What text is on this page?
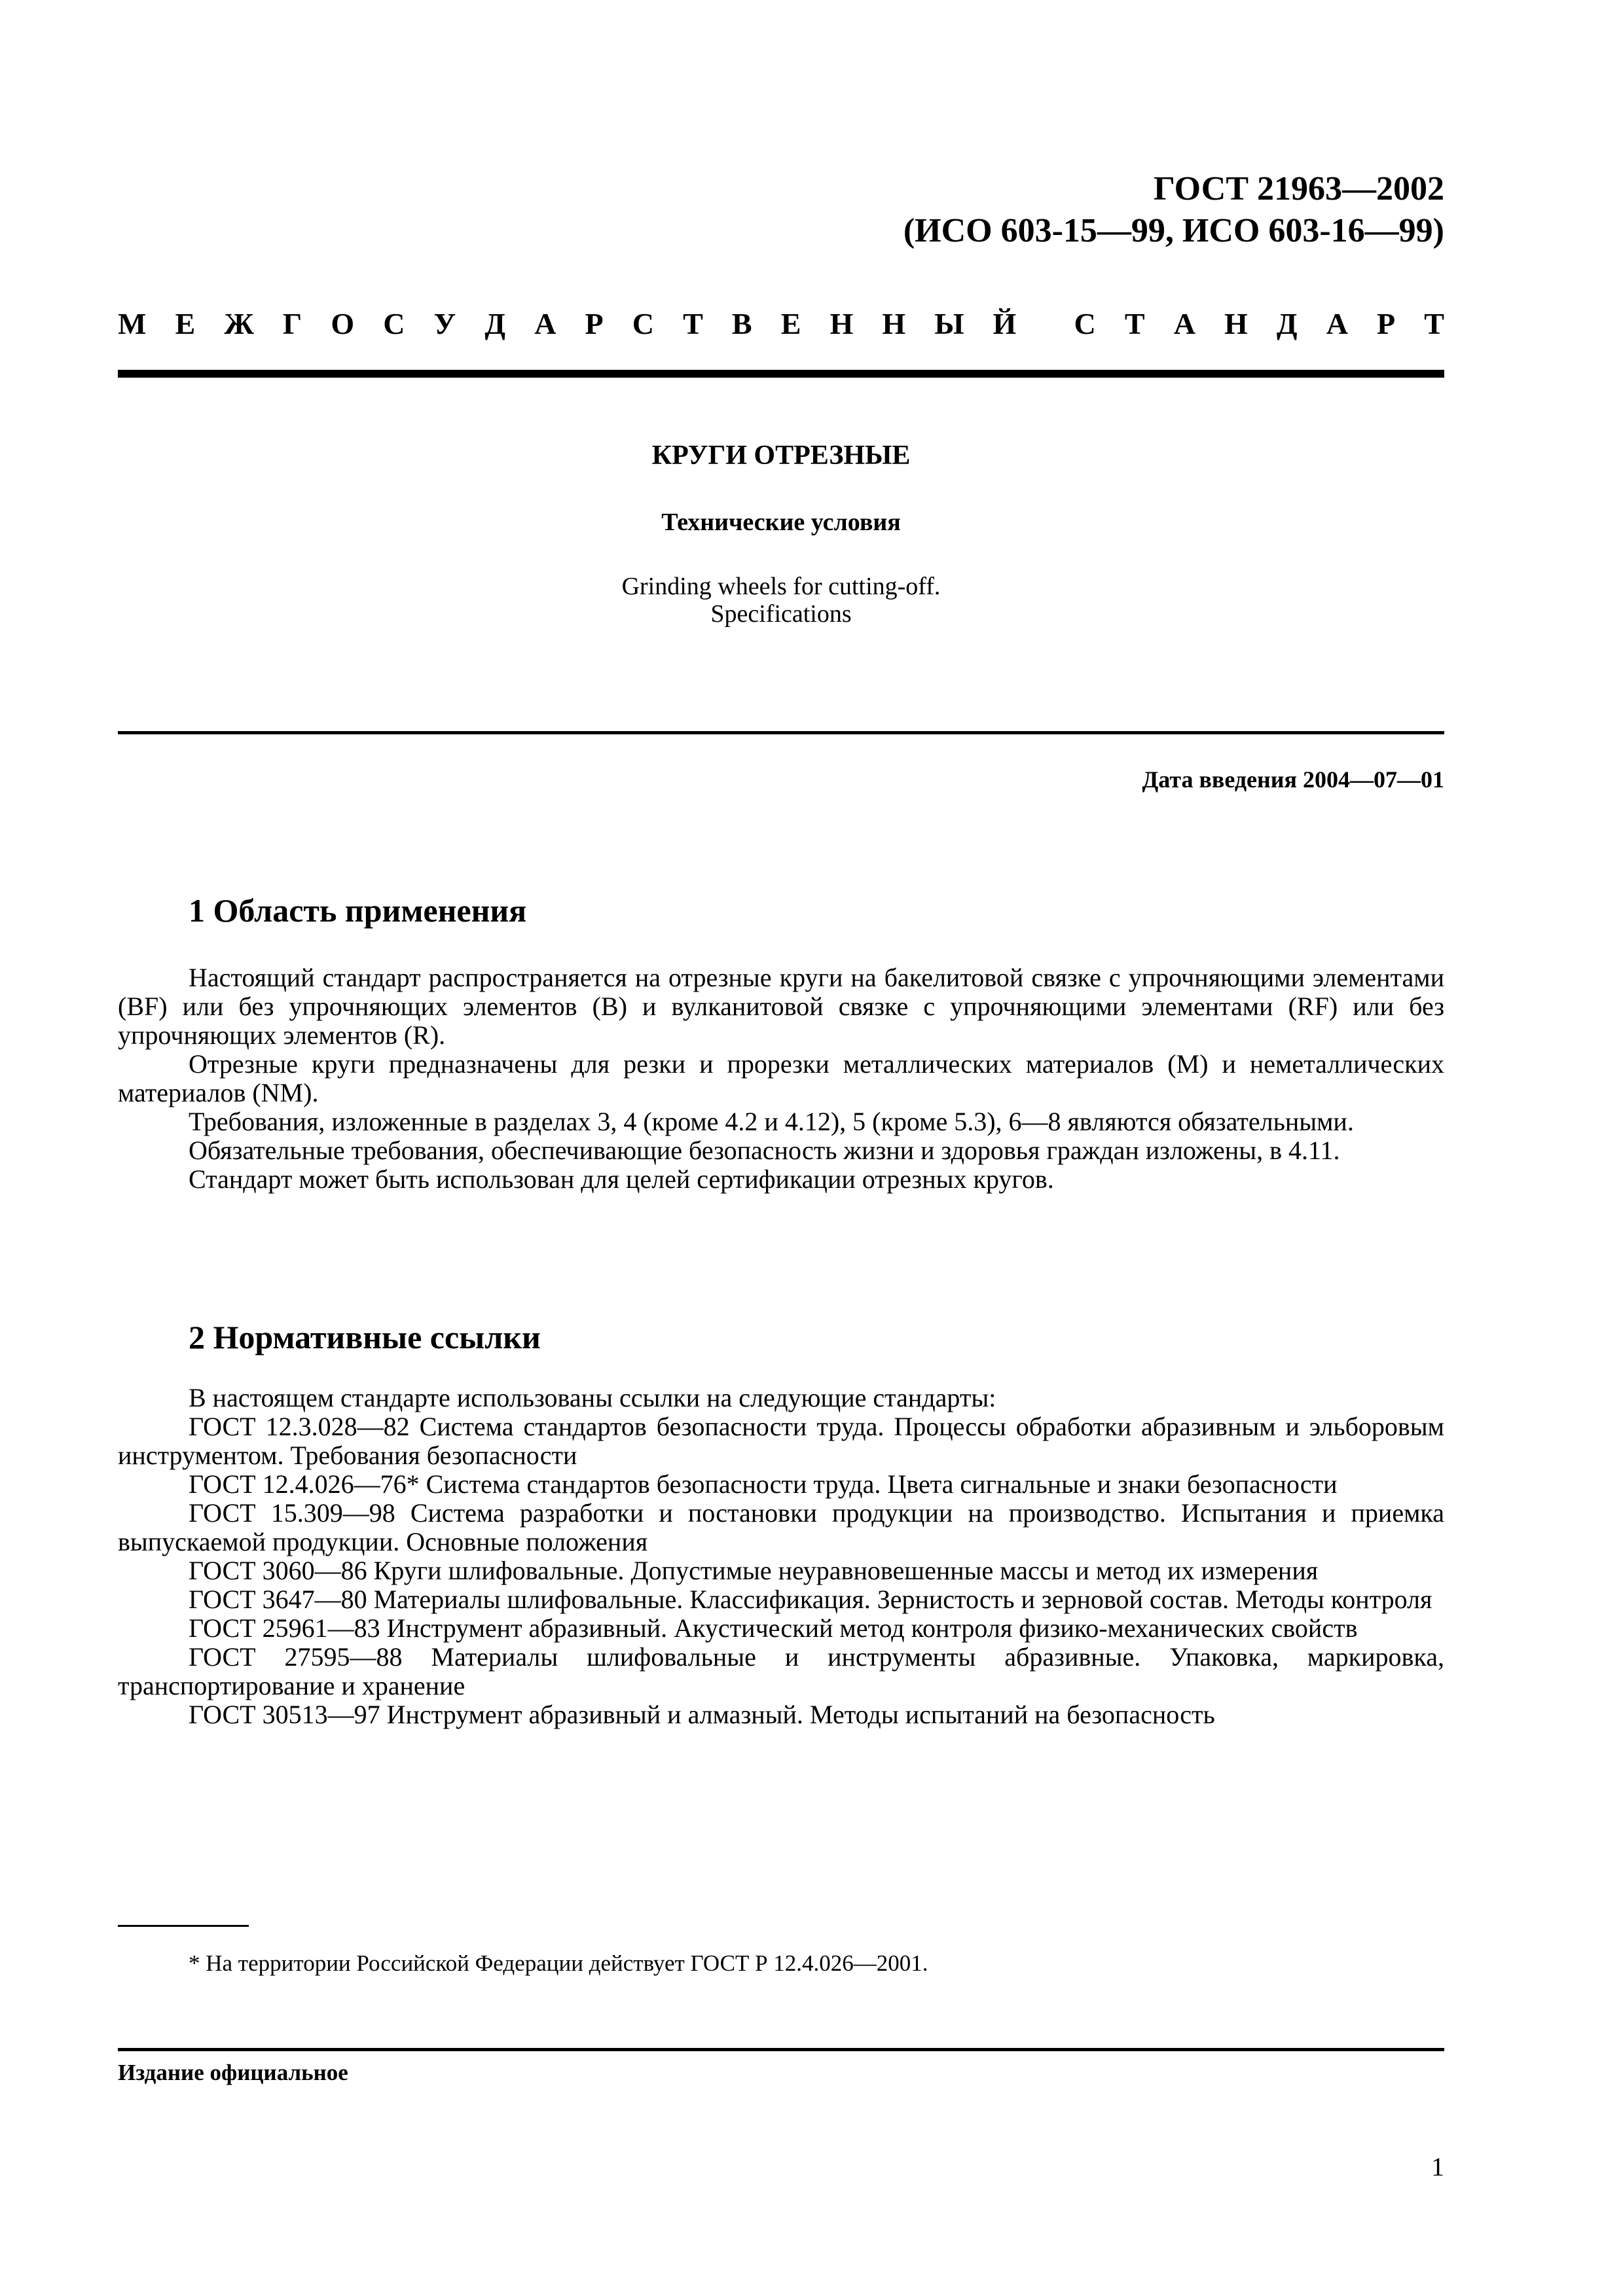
ГОСТ 21963—2002
(ИСО 603-15—99, ИСО 603-16—99)
М Е Ж Г О С У Д А Р С Т В Е Н Н Ы Й С Т А Н Д А Р Т
КРУГИ ОТРЕЗНЫЕ
Технические условия
Grinding wheels for cutting-off.
Specifications
Дата введения 2004—07—01
1 Область применения

Настоящий стандарт распространяется на отрезные круги на бакелитовой связке с упрочняющими элементами (BF) или без упрочняющих элементов (B) и вулканитовой связке с упрочняющими элементами (RF) или без упрочняющих элементов (R).

Отрезные круги предназначены для резки и прорезки металлических материалов (M) и неметаллических материалов (NM).

Требования, изложенные в разделах 3, 4 (кроме 4.2 и 4.12), 5 (кроме 5.3), 6—8 являются обязательными.

Обязательные требования, обеспечивающие безопасность жизни и здоровья граждан изложены, в 4.11.

Стандарт может быть использован для целей сертификации отрезных кругов.

2 Нормативные ссылки

В настоящем стандарте использованы ссылки на следующие стандарты:

ГОСТ 12.3.028—82 Система стандартов безопасности труда. Процессы обработки абразивным и эльборовым инструментом. Требования безопасности

ГОСТ 12.4.026—76* Система стандартов безопасности труда. Цвета сигнальные и знаки безопасности

ГОСТ 15.309—98 Система разработки и постановки продукции на производство. Испытания и приемка выпускаемой продукции. Основные положения

ГОСТ 3060—86 Круги шлифовальные. Допустимые неуравновешенные массы и метод их измерения

ГОСТ 3647—80 Материалы шлифовальные. Классификация. Зернистость и зерновой состав. Методы контроля

ГОСТ 25961—83 Инструмент абразивный. Акустический метод контроля физико-механических свойств

ГОСТ 27595—88 Материалы шлифовальные и инструменты абразивные. Упаковка, маркировка, транспортирование и хранение

ГОСТ 30513—97 Инструмент абразивный и алмазный. Методы испытаний на безопасность

* На территории Российской Федерации действует ГОСТ Р 12.4.026—2001.
Издание официальное
1
